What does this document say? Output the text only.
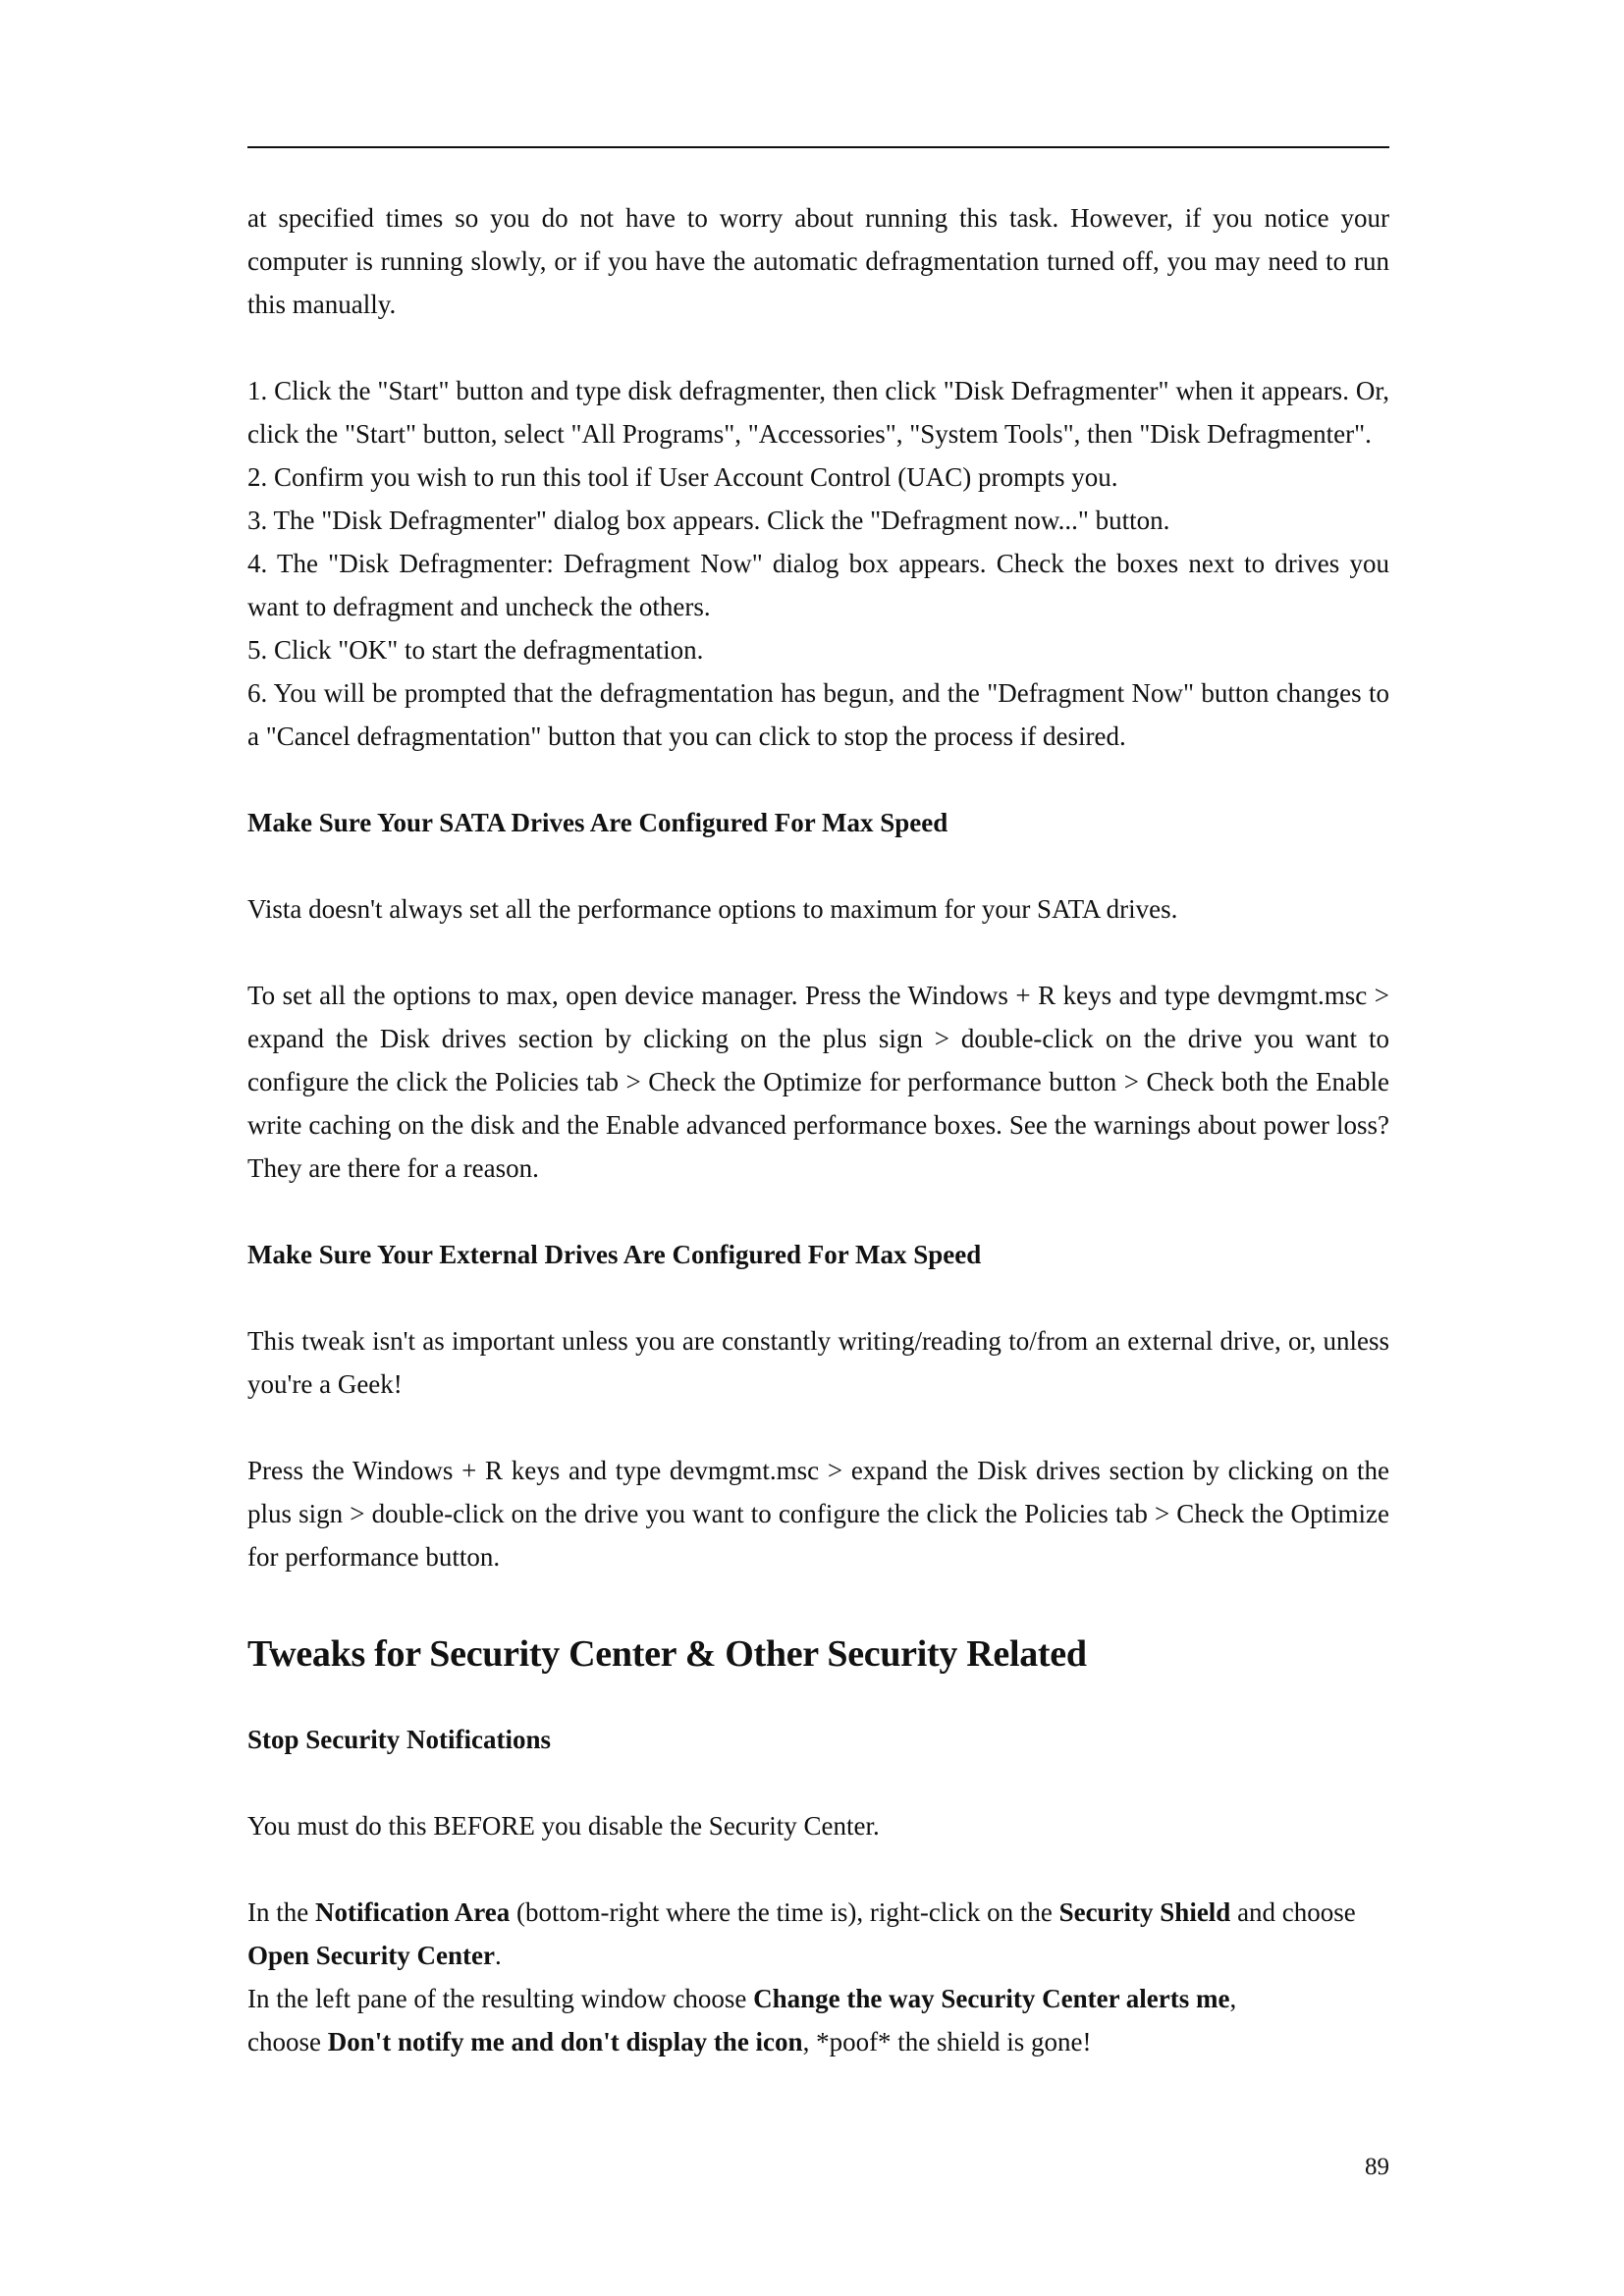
at specified times so you do not have to worry about running this task. However, if you notice your computer is running slowly, or if you have the automatic defragmentation turned off, you may need to run this manually.

1. Click the "Start" button and type disk defragmenter, then click "Disk Defragmenter" when it appears. Or, click the "Start" button, select "All Programs", "Accessories", "System Tools", then "Disk Defragmenter".

2. Confirm you wish to run this tool if User Account Control (UAC) prompts you.

3. The "Disk Defragmenter" dialog box appears. Click the "Defragment now..." button.

4. The "Disk Defragmenter: Defragment Now" dialog box appears. Check the boxes next to drives you want to defragment and uncheck the others.

5. Click "OK" to start the defragmentation.

6. You will be prompted that the defragmentation has begun, and the "Defragment Now" button changes to a "Cancel defragmentation" button that you can click to stop the process if desired.

Make Sure Your SATA Drives Are Configured For Max Speed

Vista doesn't always set all the performance options to maximum for your SATA drives.

To set all the options to max, open device manager. Press the Windows + R keys and type devmgmt.msc > expand the Disk drives section by clicking on the plus sign > double-click on the drive you want to configure the click the Policies tab > Check the Optimize for performance button > Check both the Enable write caching on the disk and the Enable advanced performance boxes. See the warnings about power loss? They are there for a reason.

Make Sure Your External Drives Are Configured For Max Speed

This tweak isn't as important unless you are constantly writing/reading to/from an external drive, or, unless you're a Geek!

Press the Windows + R keys and type devmgmt.msc > expand the Disk drives section by clicking on the plus sign > double-click on the drive you want to configure the click the Policies tab > Check the Optimize for performance button.

Tweaks for Security Center & Other Security Related

Stop Security Notifications

You must do this BEFORE you disable the Security Center.

In the Notification Area (bottom-right where the time is), right-click on the Security Shield and choose Open Security Center.

In the left pane of the resulting window choose Change the way Security Center alerts me,
choose Don't notify me and don't display the icon, *poof* the shield is gone!

89
